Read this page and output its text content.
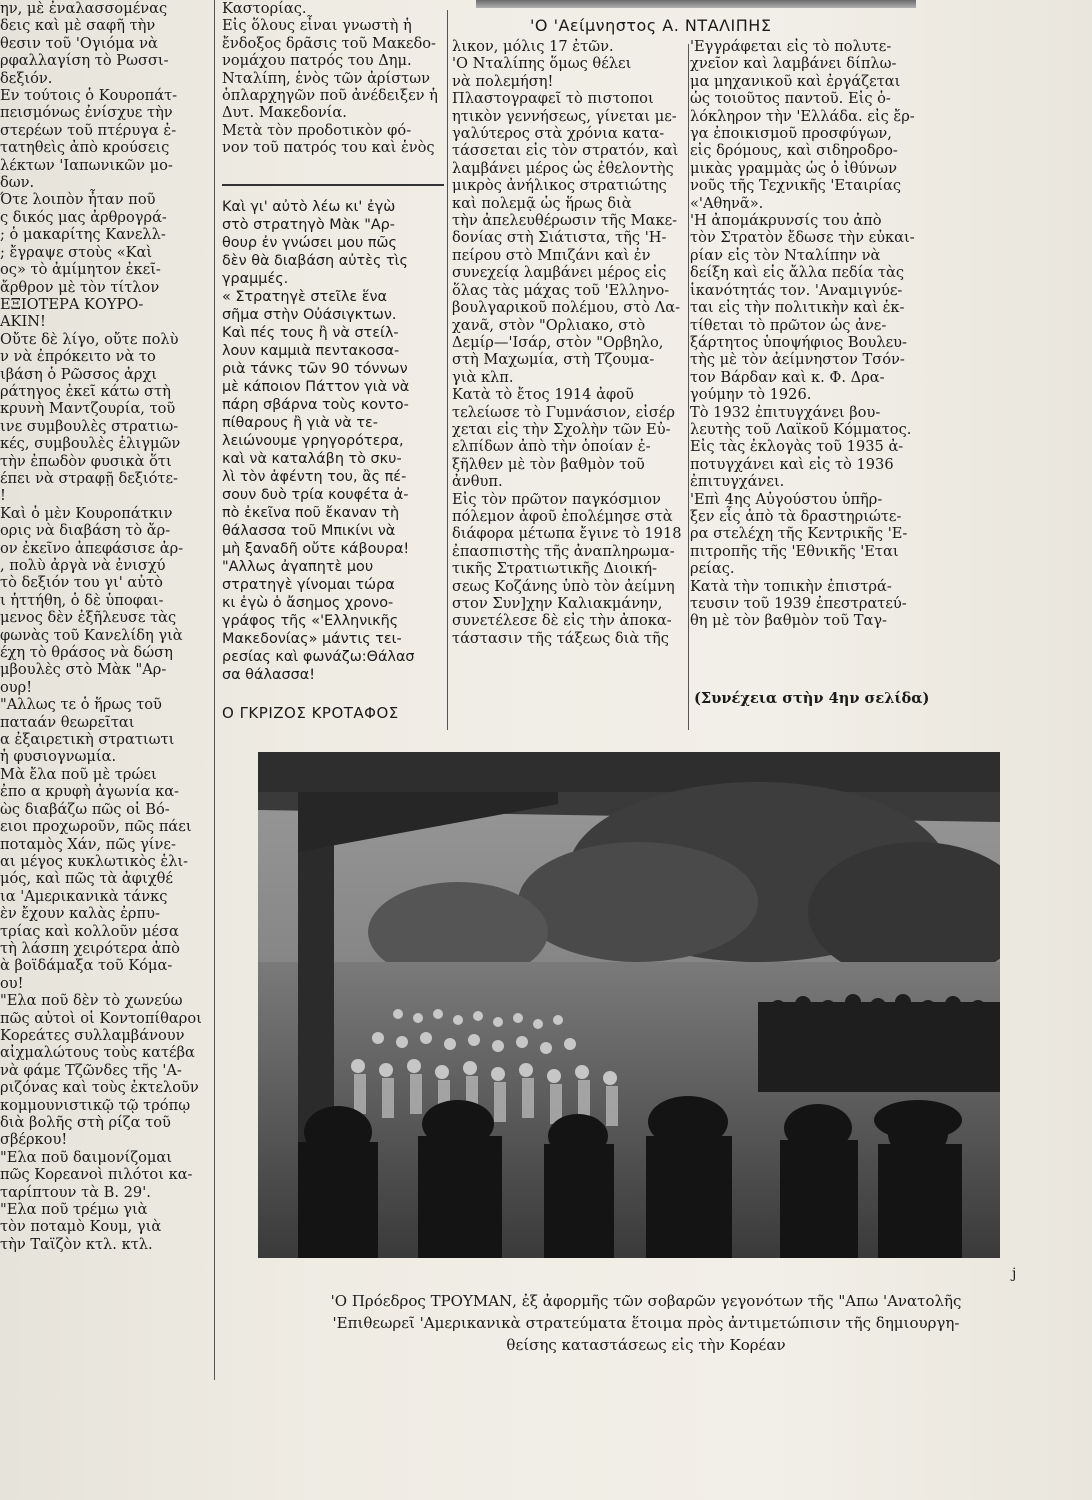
ην, μὲ ἐναλασσομένας
δεις καὶ μὲ σαφῆ τὴν
θεσιν τοῦ 'Ογιόμα νὰ
ρφαλλαγίση τὸ Ρωσσι-
δεξιόν.
Εν τούτοις ὁ Κουροπάτ-
πεισμόνως ἐνίσχυε τὴν
στερέων τοῦ πτέρυγα ἐ-
τατηθεὶς ἀπὸ κρούσεις
λέκτων 'Ιαπωνικῶν μο-
δων.
Ότε λοιπὸν ἦταν ποῦ
ς δικός μας ἀρθρογρά-
; ὁ μακαρίτης Κανελλ-
; ἔγραψε στοὺς «Καὶ
ος» τὸ ἀμίμητον ἐκεῖ-
ἄρθρον μὲ τὸν τίτλον
ΕΞΙΟΤΕΡΑ ΚΟΥΡΟ-
ΑΚΙΝ!
Οὔτε δὲ λίγο, οὔτε πολὺ
ν νὰ ἐπρόκειτο νὰ το
ιβάση ὁ Ρῶσσος ἀρχι
ράτηγος ἐκεῖ κάτω στὴ
κρυνὴ Μαντζουρία, τοῦ
ινε συμβουλὲς στρατιω-
κές, συμβουλὲς ἑλιγμῶν
τὴν ἐπωδὸν φυσικὰ ὅτι
έπει νὰ στραφῇ δεξιότε-
!
Καὶ ὁ μὲν Κουροπάτκιν
ορις νὰ διαβάση τὸ ἄρ-
ον ἐκεῖνο ἀπεφάσισε ἀρ-
, πολὺ ἀργὰ νὰ ἐνισχύ
τὸ δεξιόν του γι' αὐτὸ
ι ἡττήθη, ὁ δὲ ὑποφαι-
μενος δὲν ἐξῆλευσε τὰς
φωνὰς τοῦ Κανελίδη γιὰ
έχη τὸ θράσος νὰ δώση
μβουλὲς στὸ Μὰκ "Αρ-
ουρ!
"Αλλως τε ὁ ἥρως τοῦ
παταάν θεωρεῖται
α ἐξαιρετικὴ στρατιωτι
ἡ φυσιογνωμία.
Μὰ ἔλα ποῦ μὲ τρώει
ἐπο α κρυφὴ ἀγωνία κα-
ὼς διαβάζω πῶς οἱ Βό-
ειοι προχωροῦν, πῶς πάει
ποταμὸς Χάν, πῶς γίνε-
αι μέγος κυκλωτικὸς ἑλι-
μός, καὶ πῶς τὰ ἀφιχθέ
ια 'Αμερικανικὰ τάνκς
ὲν ἔχουν καλὰς ἐρπυ-
τρίας καὶ κολλοῦν μέσα
τὴ λάσπη χειρότερα ἀπὸ
ὰ βοϊδάμαξα τοῦ Κόμα-
ου!
"Ελα ποῦ δὲν τὸ χωνεύω
πῶς αὐτοὶ οἱ Κοντοπίθαροι
Κορεάτες συλλαμβάνουν
αἰχμαλώτους τοὺς κατέβα
νὰ φάμε Τζῶνδες τῆς 'Α-
ριζόνας καὶ τοὺς ἐκτελοῦν
κομμουνιστικῷ τῷ τρόπῳ
διὰ βολῆς στὴ ρίζα τοῦ
σβέρκου!
"Ελα ποῦ δαιμονίζομαι
πῶς Κορεανοὶ πιλότοι κα-
ταρίπτουν τὰ Β. 29'.
"Ελα ποῦ τρέμω γιὰ
τὸν ποταμὸ Κουμ, γιὰ
τὴν Ταϊζὸν κτλ. κτλ.

Καστορίας.
Εἰς ὅλους εἶναι γνωστὴ ἡ
ἔνδοξος δρᾶσις τοῦ Μακεδο-
νομάχου πατρός του Δημ.
Νταλίπη, ἑνὸς τῶν ἀρίστων
ὁπλαρχηγῶν ποῦ ἀνέδειξεν ἡ
Δυτ. Μακεδονία.
Μετὰ τὸν προδοτικὸν φό-
νον τοῦ πατρός του καὶ ἑνὸς

Καὶ γι' αὐτὸ λέω κι' ἐγὼ
στὸ στρατηγὸ Μὰκ "Αρ-
θουρ ἐν γνώσει μου πῶς
δὲν θὰ διαβάση αὐτὲς τὶς
γραμμές.
« Στρατηγὲ στεῖλε ἕνα
σῆμα στὴν Οὐάσιγκτων.
Καὶ πές τους ἢ νὰ στείλ-
λουν καμμιὰ πεντακοσα-
ριὰ τάνκς τῶν 90 τόννων
μὲ κάποιον Πάττον γιὰ νὰ
πάρη σβάρνα τοὺς κοντο-
πίθαρους ἢ γιὰ νὰ τε-
λειώνουμε γρηγορότερα,
καὶ νὰ καταλάβη τὸ σκυ-
λὶ τὸν ἀφέντη του, ἂς πέ-
σουν δυὸ τρία κουφέτα ἀ-
πὸ ἐκεῖνα ποῦ ἔκαναν τὴ
θάλασσα τοῦ Μπικίνι νὰ
μὴ ξαναδῆ οὔτε κάβουρα!
"Αλλως ἀγαπητὲ μου
στρατηγὲ γίνομαι τώρα
κι ἐγὼ ὁ ἄσημος χρονο-
γράφος τῆς «'Ελληνικῆς
Μακεδονίας» μάντις τει-
ρεσίας καὶ φωνάζω:Θάλασ
σα θάλασσα!

Ο ΓΚΡΙΖΟΣ ΚΡΟΤΑΦΟΣ
'Ο 'Αείμνηστος Α. ΝΤΑΛΙΠΗΣ

λικον, μόλις 17 ἐτῶν.
'Ο Νταλίπης ὅμως θέλει
νὰ πολεμήση!
Πλαστογραφεῖ τὸ πιστοποι
ητικὸν γεννήσεως, γίνεται με-
γαλύτερος στὰ χρόνια κατα-
τάσσεται εἰς τὸν στρατόν, καὶ
λαμβάνει μέρος ὡς ἐθελοντὴς
μικρὸς ἀνήλικος στρατιώτης
καὶ πολεμᾷ ὡς ἥρως διὰ
τὴν ἀπελευθέρωσιν τῆς Μακε-
δονίας στὴ Σιάτιστα, τῆς 'Η-
πείρου στὸ Μπιζάνι καὶ ἐν
συνεχείᾳ λαμβάνει μέρος εἰς
ὅλας τὰς μάχας τοῦ 'Ελληνο-
βουλγαρικοῦ πολέμου, στὸ Λα-
χανᾶ, στὸν "Ορλιακο, στὸ
Δεμίρ—'Ισάρ, στὸν "Ορβηλο,
στὴ Μαχωμία, στὴ Τζουμα-
γιὰ κλπ.
Κατὰ τὸ ἔτος 1914 ἀφοῦ
τελείωσε τὸ Γυμνάσιον, εἰσέρ
χεται εἰς τὴν Σχολὴν τῶν Εὐ-
ελπίδων ἀπὸ τὴν ὁποίαν ἐ-
ξῆλθεν μὲ τὸν βαθμὸν τοῦ
ἀνθυπ.
Εἰς τὸν πρῶτον παγκόσμιον
πόλεμον ἀφοῦ ἐπολέμησε στὰ
διάφορα μέτωπα ἔγινε τὸ 1918
ἐπασπιστὴς τῆς ἀναπληρωμα-
τικῆς Στρατιωτικῆς Διοική-
σεως Κοζάνης ὑπὸ τὸν ἀείμνη
στον Συν]χην Καλιακμάνην,
συνετέλεσε δὲ εἰς τὴν ἀποκα-
τάστασιν τῆς τάξεως διὰ τῆς

'Εγγράφεται εἰς τὸ πολυτε-
χνεῖον καὶ λαμβάνει δίπλω-
μα μηχανικοῦ καὶ ἐργάζεται
ὡς τοιοῦτος παντοῦ. Εἰς ὁ-
λόκληρον τὴν 'Ελλάδα. εἰς ἔρ-
γα ἐποικισμοῦ προσφύγων,
εἰς δρόμους, καὶ σιδηροδρο-
μικὰς γραμμὰς ὡς ὁ ἰθύνων
νοῦς τῆς Τεχνικῆς 'Εταιρίας
«'Αθηνᾶ».
'Η ἀπομάκρυνσίς του ἀπὸ
τὸν Στρατὸν ἔδωσε τὴν εὐκαι-
ρίαν εἰς τὸν Νταλίπην νὰ
δείξη καὶ εἰς ἄλλα πεδία τὰς
ἱκανότητάς τον. 'Αναμιγνύε-
ται εἰς τὴν πολιτικὴν καὶ ἐκ-
τίθεται τὸ πρῶτον ὡς ἀνε-
ξάρτητος ὑποψήφιος Βουλευ-
τὴς μὲ τὸν ἀείμνηστον Τσόν-
τον Βάρδαν καὶ κ. Φ. Δρα-
γούμην τὸ 1926.
Τὸ 1932 ἐπιτυγχάνει βου-
λευτὴς τοῦ Λαϊκοῦ Κόμματος.
Εἰς τὰς ἐκλογὰς τοῦ 1935 ἀ-
ποτυγχάνει καὶ εἰς τὸ 1936
ἐπιτυγχάνει.
'Επὶ 4ης Αὐγούστου ὑπῆρ-
ξεν εἷς ἀπὸ τὰ δραστηριώτε-
ρα στελέχη τῆς Κεντρικῆς 'Ε-
πιτροπῆς τῆς 'Εθνικῆς 'Εται
ρείας.
Κατὰ τὴν τοπικὴν ἐπιστρά-
τευσιν τοῦ 1939 ἐπεστρατεύ-
θη μὲ τὸν βαθμὸν τοῦ Ταγ-

(Συνέχεια στὴν 4ην σελίδα)
j

'Ο Πρόεδρος ΤΡΟΥΜΑΝ, ἐξ ἀφορμῆς τῶν σοβαρῶν γεγονότων τῆς "Απω 'Ανατολῆς

'Επιθεωρεῖ 'Αμερικανικὰ στρατεύματα ἕτοιμα πρὸς ἀντιμετώπισιν τῆς δημιουργη-

θείσης καταστάσεως εἰς τὴν Κορέαν
